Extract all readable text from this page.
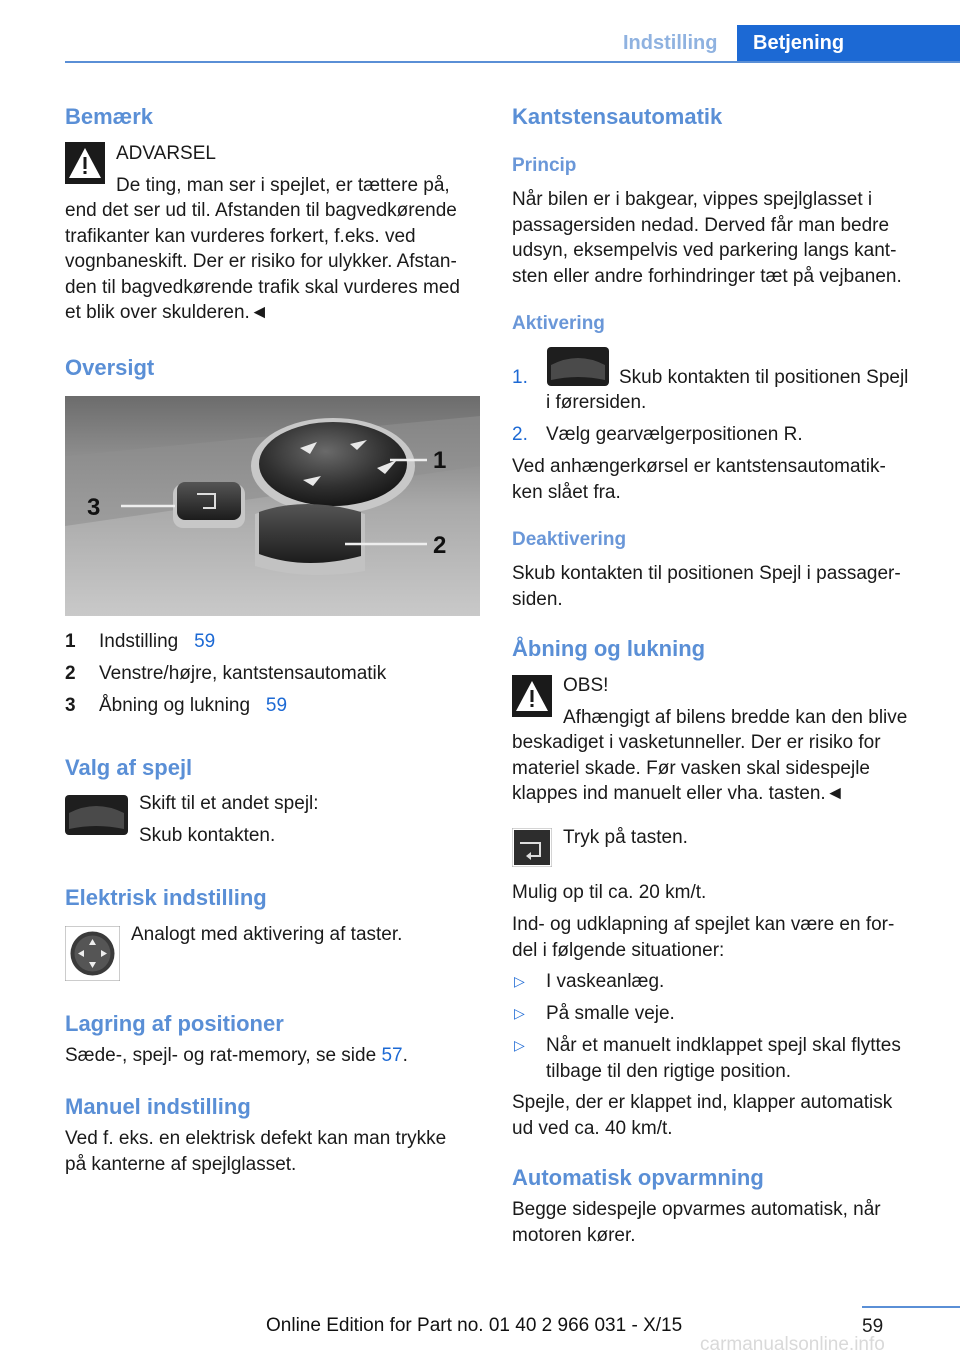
Indstilling	Betjening
Bemærk
ADVARSEL
De ting, man ser i spejlet, er tættere på,
end det ser ud til. Afstanden til bagvedkørende
trafikanter kan vurderes forkert, f.eks. ved
vognbaneskift. Der er risiko for ulykker. Afstan-
den til bagvedkørende trafik skal vurderes med
et blik over skulderen.◄
Oversigt
1
2
3
1 Indstilling 59
2 Venstre/højre, kantstensautomatik
3 Åbning og lukning 59
Valg af spejl
Skift til et andet spejl:
Skub kontakten.
Elektrisk indstilling
Analogt med aktivering af taster.
Lagring af positioner
Sæde-, spejl- og rat-memory, se side 57.
Manuel indstilling
Ved f. eks. en elektrisk defekt kan man trykke
på kanterne af spejlglasset.
Kantstensautomatik
Princip
Når bilen er i bakgear, vippes spejlglasset i
passagersiden nedad. Derved får man bedre
udsyn, eksempelvis ved parkering langs kant-
sten eller andre forhindringer tæt på vejbanen.
Aktivering
1.	Skub kontakten til positionen Spejl
i førersiden.
2. Vælg gearvælgerpositionen R.
Ved anhængerkørsel er kantstensautomatik-
ken slået fra.
Deaktivering
Skub kontakten til positionen Spejl i passager-
siden.
Åbning og lukning
OBS!
Afhængigt af bilens bredde kan den blive
beskadiget i vasketunneller. Der er risiko for
materiel skade. Før vasken skal sidespejle
klappes ind manuelt eller vha. tasten.◄
Tryk på tasten.
Mulig op til ca. 20 km/t.
Ind- og udklapning af spejlet kan være en for-
del i følgende situationer:
▷ I vaskeanlæg.
▷ På smalle veje.
▷ Når et manuelt indklappet spejl skal flyttes
tilbage til den rigtige position.
Spejle, der er klappet ind, klapper automatisk
ud ved ca. 40 km/t.
Automatisk opvarmning
Begge sidespejle opvarmes automatisk, når
motoren kører.
59
Online Edition for Part no. 01 40 2 966 031 - X/15
carmanualsonline.info
